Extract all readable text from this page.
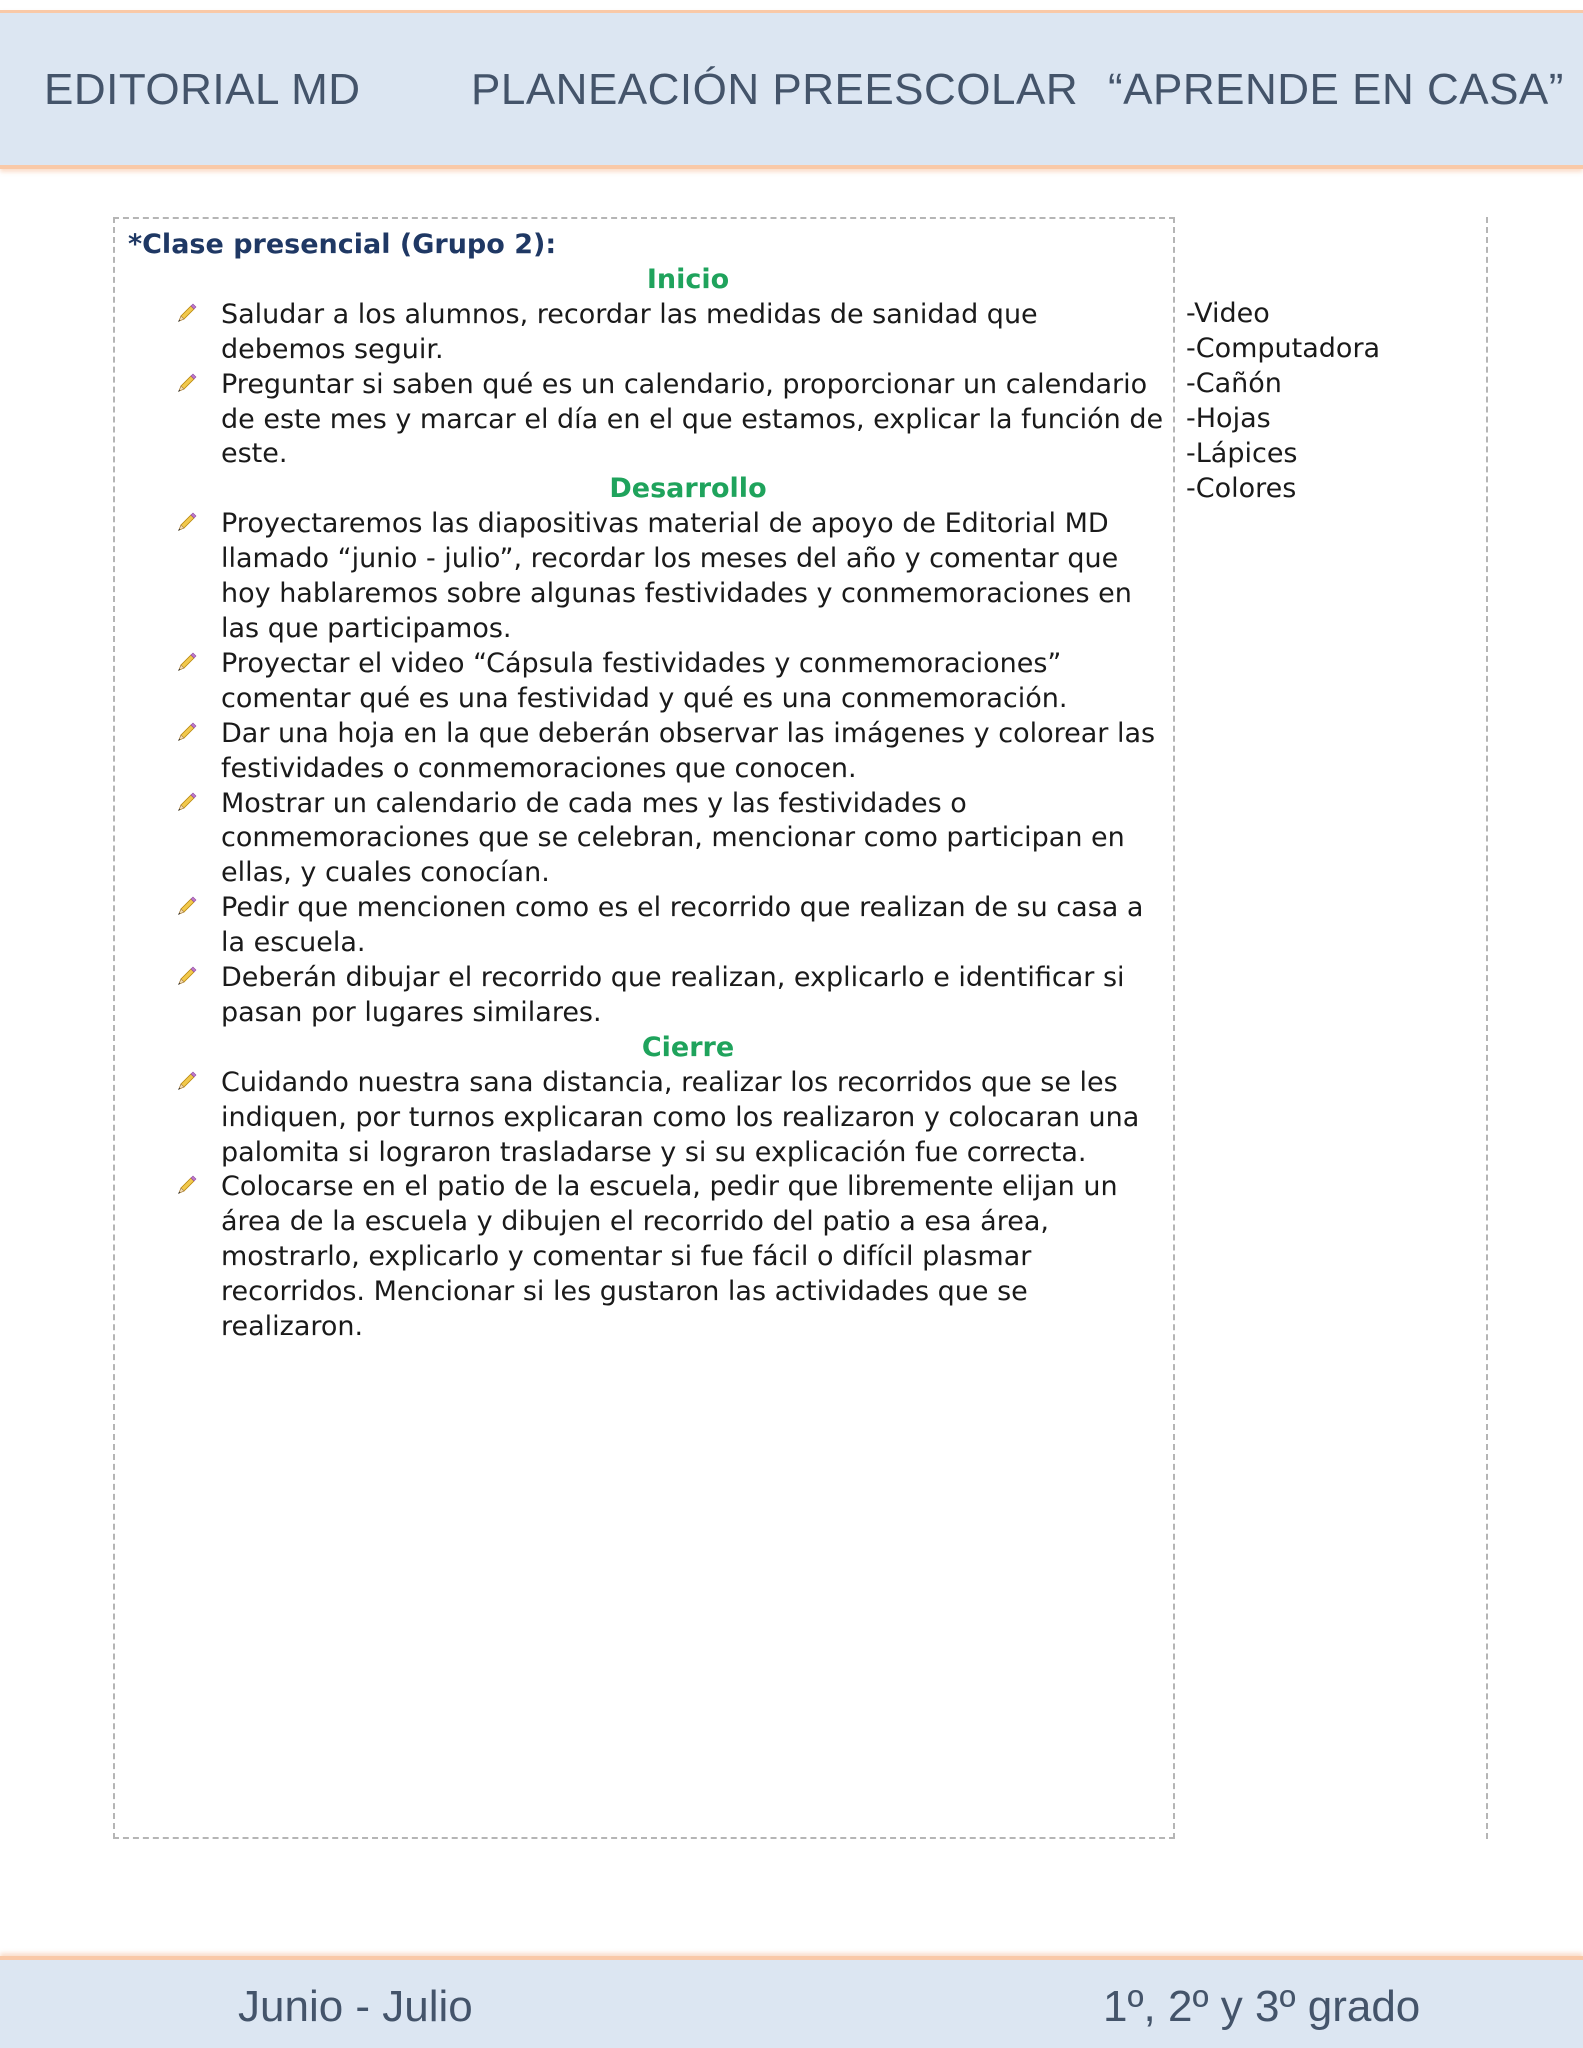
EDITORIAL MD	PLANEACIÓN PREESCOLAR “APRENDE EN CASA”

*Clase presencial (Grupo 2):

Inicio

Saludar a los alumnos, recordar las medidas de sanidad que debemos seguir.
Preguntar si saben qué es un calendario, proporcionar un calendario de este mes y marcar el día en el que estamos, explicar la función de este.

Desarrollo

Proyectaremos las diapositivas material de apoyo de Editorial MD llamado “junio - julio”, recordar los meses del año y comentar que hoy hablaremos sobre algunas festividades y conmemoraciones en las que participamos.
Proyectar el video “Cápsula festividades y conmemoraciones” comentar qué es una festividad y qué es una conmemoración.
Dar una hoja en la que deberán observar las imágenes y colorear las festividades o conmemoraciones que conocen.
Mostrar un calendario de cada mes y las festividades o conmemoraciones que se celebran, mencionar como participan en ellas, y cuales conocían.
Pedir que mencionen como es el recorrido que realizan de su casa a la escuela.
Deberán dibujar el recorrido que realizan, explicarlo e identificar si pasan por lugares similares.

Cierre

Cuidando nuestra sana distancia, realizar los recorridos que se les indiquen, por turnos explicaran como los realizaron y colocaran una palomita si lograron trasladarse y si su explicación fue correcta.
Colocarse en el patio de la escuela, pedir que libremente elijan un área de la escuela y dibujen el recorrido del patio a esa área, mostrarlo, explicarlo y comentar si fue fácil o difícil plasmar recorridos. Mencionar si les gustaron las actividades que se realizaron.
-Video
-Computadora
-Cañón
-Hojas
-Lápices
-Colores
Junio - Julio	1º, 2º y 3º grado
